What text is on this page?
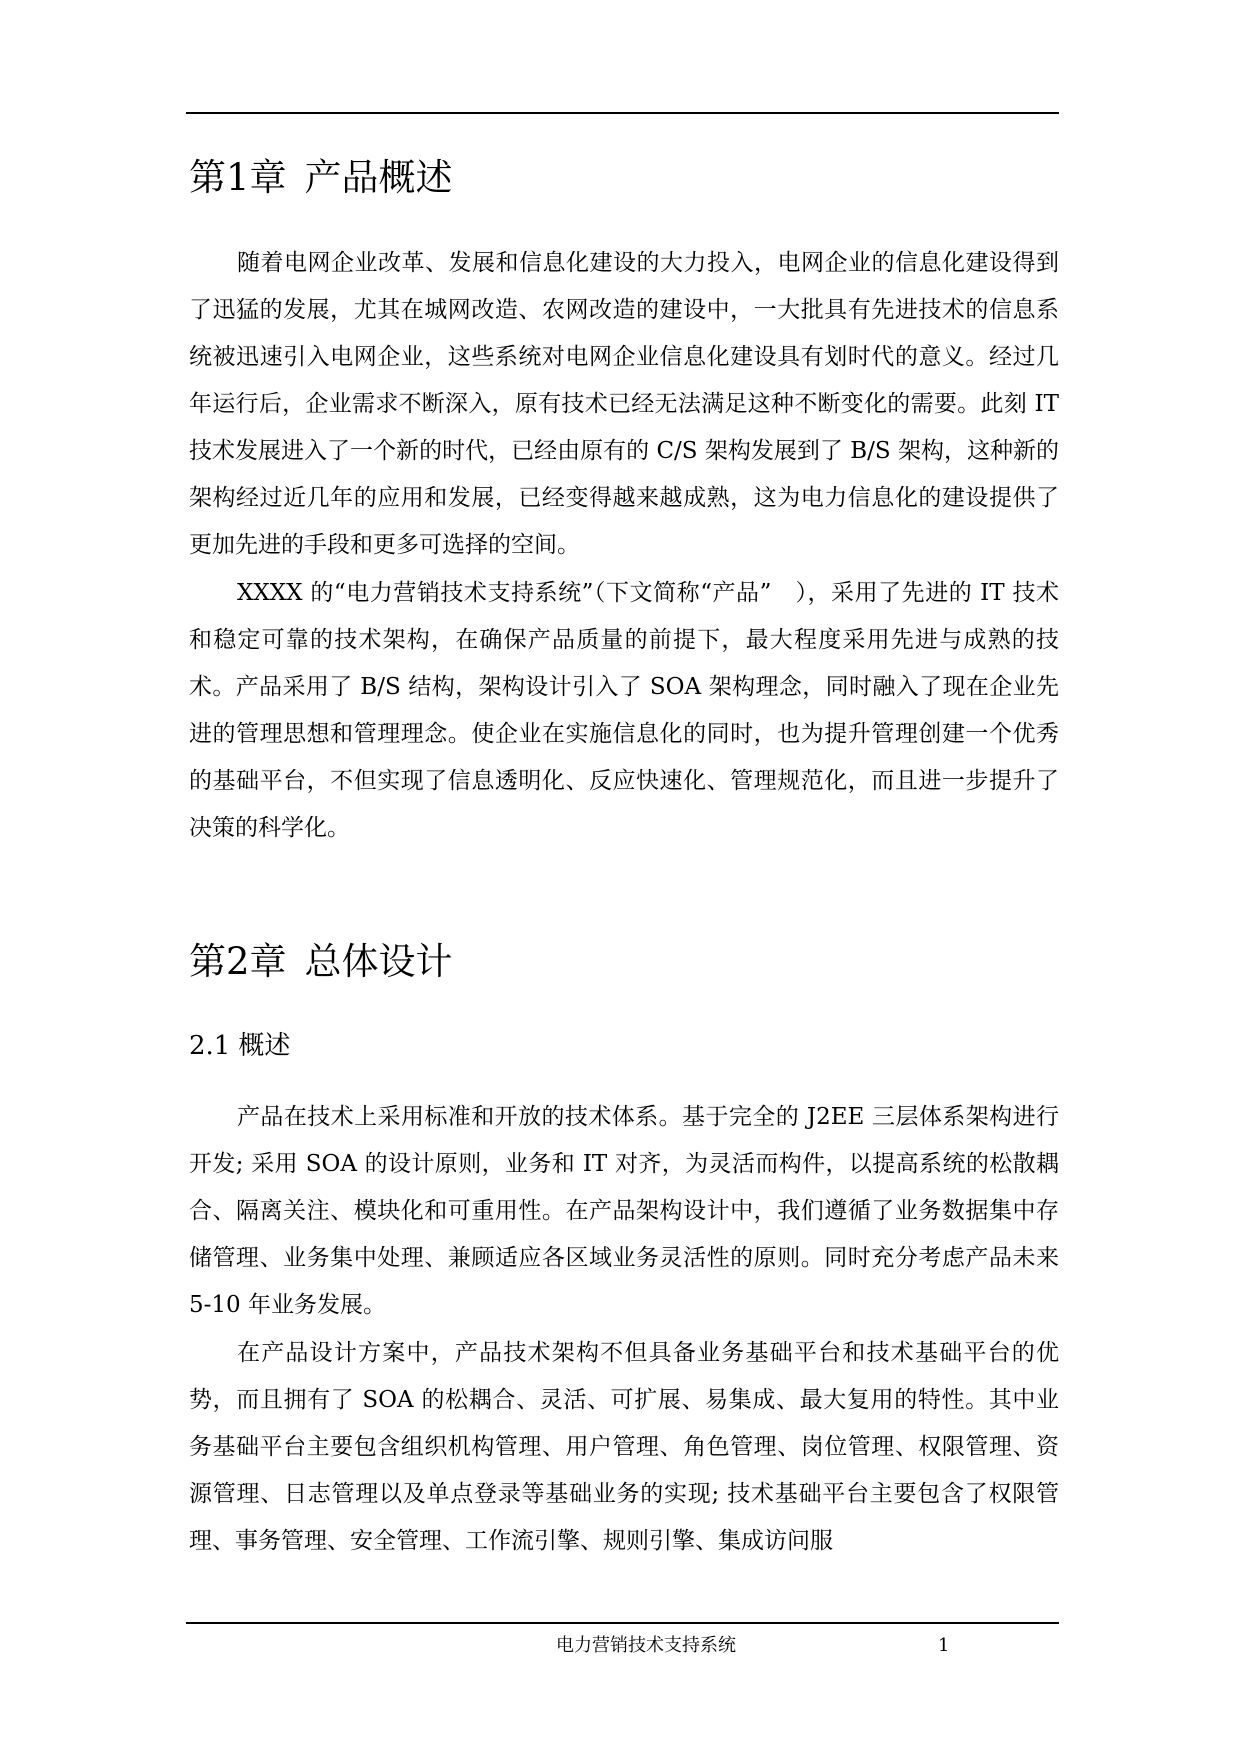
第1章 产品概述

随着电网企业改革、发展和信息化建设的大力投入，电网企业的信息化建设得到了迅猛的发展，尤其在城网改造、农网改造的建设中，一大批具有先进技术的信息系统被迅速引入电网企业，这些系统对电网企业信息化建设具有划时代的意义。经过几年运行后，企业需求不断深入，原有技术已经无法满足这种不断变化的需要。此刻 IT 技术发展进入了一个新的时代，已经由原有的 C/S 架构发展到了 B/S 架构，这种新的架构经过近几年的应用和发展，已经变得越来越成熟，这为电力信息化的建设提供了更加先进的手段和更多可选择的空间。

XXXX 的“电力营销技术支持系统”（下文简称“产品”　），采用了先进的 IT 技术和稳定可靠的技术架构，在确保产品质量的前提下，最大程度采用先进与成熟的技术。产品采用了 B/S 结构，架构设计引入了 SOA 架构理念，同时融入了现在企业先进的管理思想和管理理念。使企业在实施信息化的同时，也为提升管理创建一个优秀的基础平台，不但实现了信息透明化、反应快速化、管理规范化，而且进一步提升了决策的科学化。

第2章 总体设计
2.1 概述

产品在技术上采用标准和开放的技术体系。基于完全的 J2EE 三层体系架构进行开发; 采用 SOA 的设计原则，业务和 IT 对齐，为灵活而构件，以提高系统的松散耦合、隔离关注、模块化和可重用性。在产品架构设计中，我们遵循了业务数据集中存储管理、业务集中处理、兼顾适应各区域业务灵活性的原则。同时充分考虑产品未来 5-10 年业务发展。

在产品设计方案中，产品技术架构不但具备业务基础平台和技术基础平台的优势，而且拥有了 SOA 的松耦合、灵活、可扩展、易集成、最大复用的特性。其中业务基础平台主要包含组织机构管理、用户管理、角色管理、岗位管理、权限管理、资源管理、日志管理以及单点登录等基础业务的实现; 技术基础平台主要包含了权限管理、事务管理、安全管理、工作流引擎、规则引擎、集成访问服

电力营销技术支持系统	1
